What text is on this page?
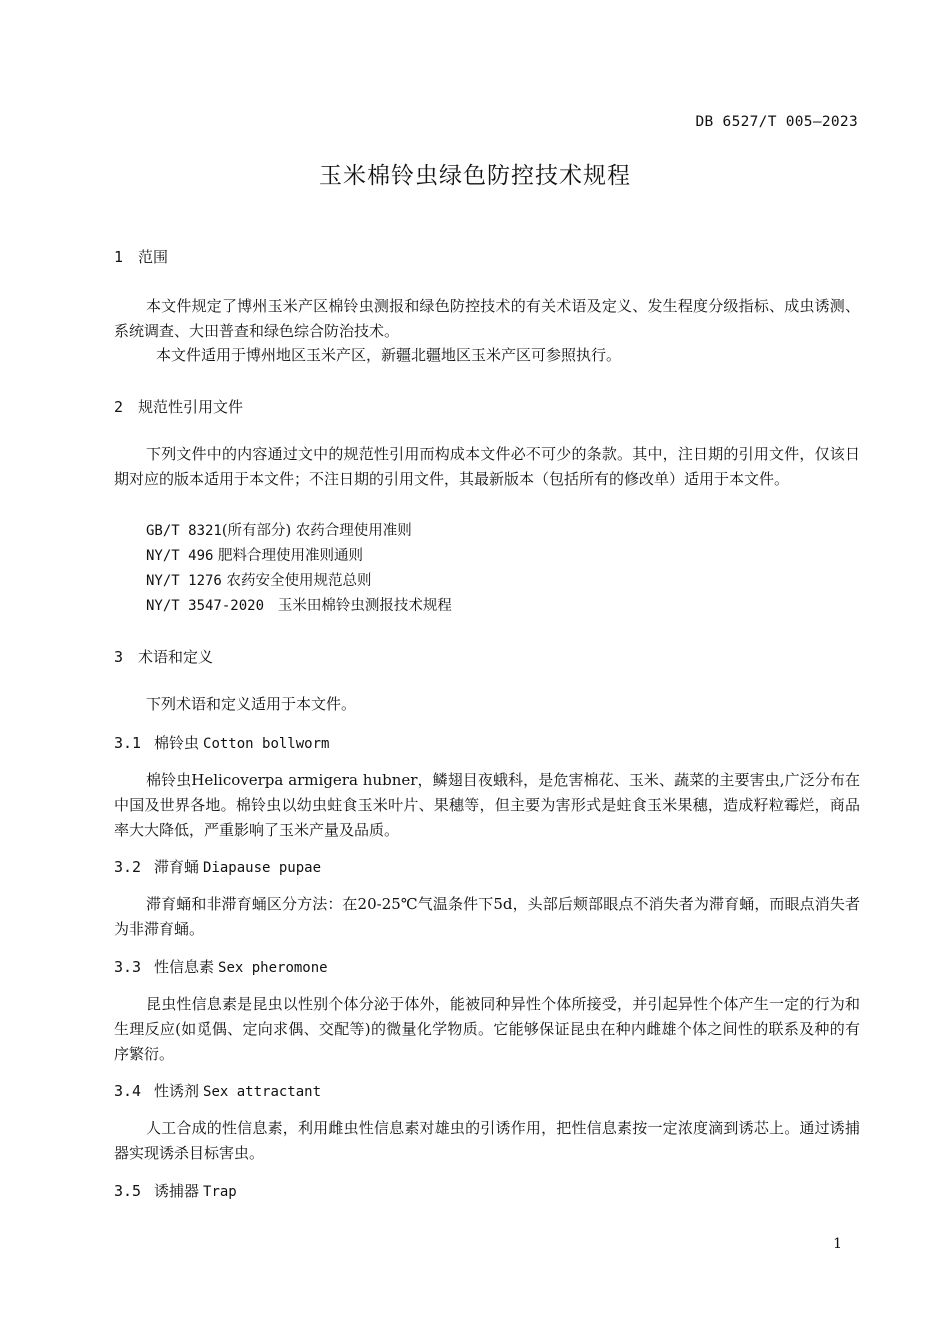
DB 6527/T 005—2023
玉米棉铃虫绿色防控技术规程
1 范围
本文件规定了博州玉米产区棉铃虫测报和绿色防控技术的有关术语及定义、发生程度分级指标、成虫诱测、系统调查、大田普查和绿色综合防治技术。
本文件适用于博州地区玉米产区，新疆北疆地区玉米产区可参照执行。
2 规范性引用文件
下列文件中的内容通过文中的规范性引用而构成本文件必不可少的条款。其中，注日期的引用文件，仅该日期对应的版本适用于本文件；不注日期的引用文件，其最新版本（包括所有的修改单）适用于本文件。
GB/T 8321(所有部分) 农药合理使用准则
NY/T 496 肥料合理使用准则通则
NY/T 1276 农药安全使用规范总则
NY/T 3547-2020 玉米田棉铃虫测报技术规程
3 术语和定义
下列术语和定义适用于本文件。
3.1 棉铃虫 Cotton bollworm
棉铃虫Helicoverpa armigera hubner，鳞翅目夜蛾科，是危害棉花、玉米、蔬菜的主要害虫,广泛分布在中国及世界各地。棉铃虫以幼虫蛀食玉米叶片、果穗等，但主要为害形式是蛀食玉米果穗，造成籽粒霉烂，商品率大大降低，严重影响了玉米产量及品质。
3.2 滞育蛹 Diapause pupae
滞育蛹和非滞育蛹区分方法：在20-25℃气温条件下5d，头部后颊部眼点不消失者为滞育蛹，而眼点消失者为非滞育蛹。
3.3 性信息素 Sex pheromone
昆虫性信息素是昆虫以性别个体分泌于体外，能被同种异性个体所接受，并引起异性个体产生一定的行为和生理反应(如觅偶、定向求偶、交配等)的微量化学物质。它能够保证昆虫在种内雌雄个体之间性的联系及种的有序繁衍。
3.4 性诱剂 Sex attractant
人工合成的性信息素，利用雌虫性信息素对雄虫的引诱作用，把性信息素按一定浓度滴到诱芯上。通过诱捕器实现诱杀目标害虫。
3.5 诱捕器 Trap
1
